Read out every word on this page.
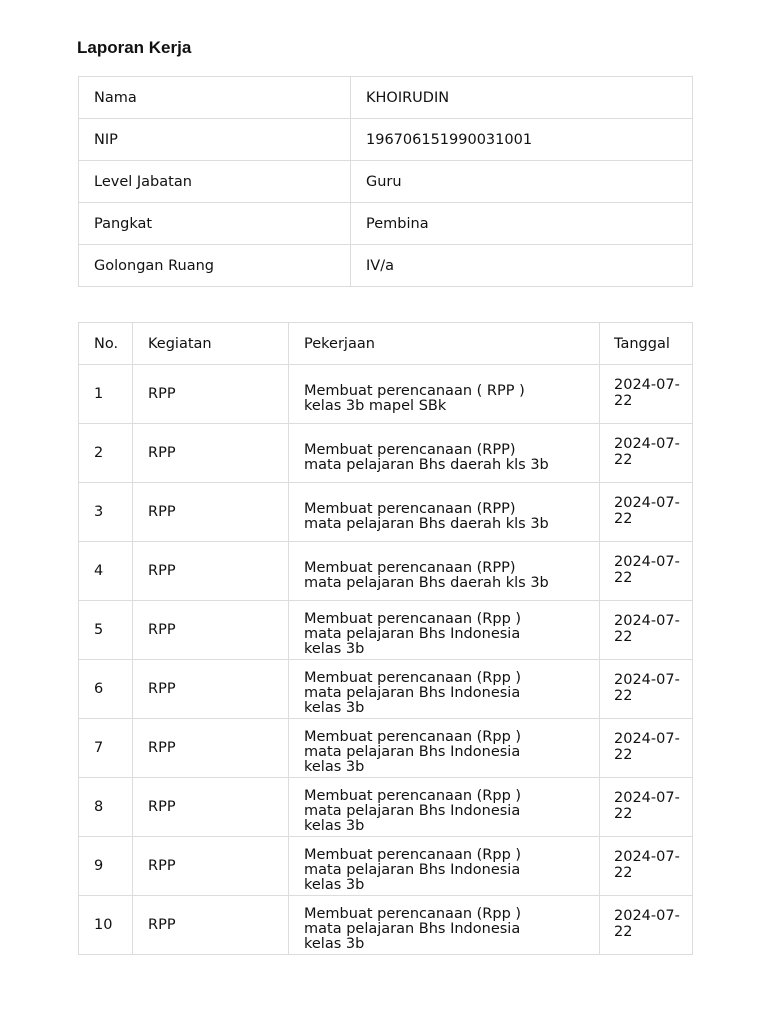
Laporan Kerja
Nama	KHOIRUDIN
NIP	196706151990031001
Level Jabatan	Guru
Pangkat	Pembina
Golongan Ruang	IV/a
No.	Kegiatan	Pekerjaan	Tanggal
1	RPP	Membuat perencanaan ( RPP ) kelas 3b mapel SBk	2024-07-22
2	RPP	Membuat perencanaan (RPP) mata pelajaran Bhs daerah kls 3b	2024-07-22
3	RPP	Membuat perencanaan (RPP) mata pelajaran Bhs daerah kls 3b	2024-07-22
4	RPP	Membuat perencanaan (RPP) mata pelajaran Bhs daerah kls 3b	2024-07-22
5	RPP	Membuat perencanaan (Rpp ) mata pelajaran Bhs Indonesia kelas 3b	2024-07-22
6	RPP	Membuat perencanaan (Rpp ) mata pelajaran Bhs Indonesia kelas 3b	2024-07-22
7	RPP	Membuat perencanaan (Rpp ) mata pelajaran Bhs Indonesia kelas 3b	2024-07-22
8	RPP	Membuat perencanaan (Rpp ) mata pelajaran Bhs Indonesia kelas 3b	2024-07-22
9	RPP	Membuat perencanaan (Rpp ) mata pelajaran Bhs Indonesia kelas 3b	2024-07-22
10	RPP	Membuat perencanaan (Rpp ) mata pelajaran Bhs Indonesia kelas 3b	2024-07-22
